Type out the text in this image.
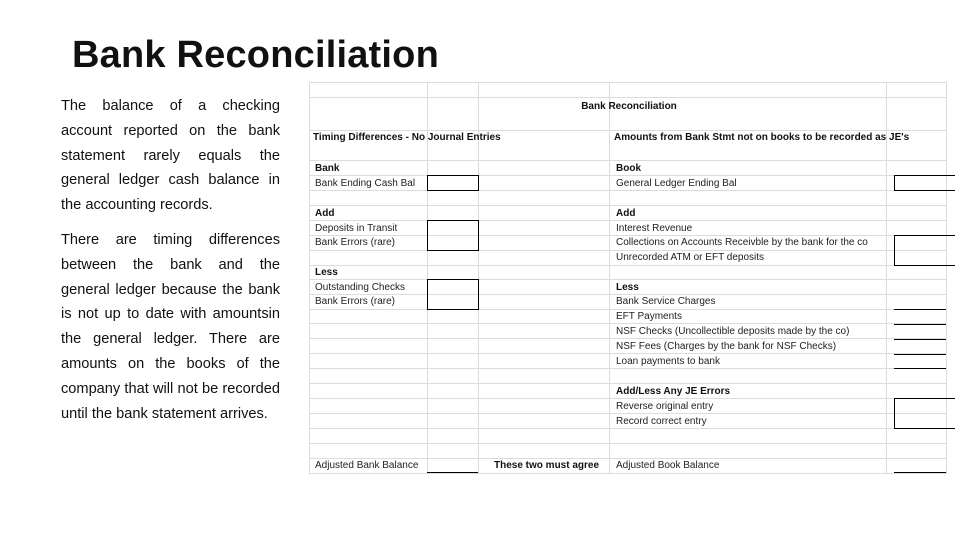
Bank Reconciliation

The balance of a checking account reported on the bank statement rarely equals the general ledger cash balance in the accounting records.

There are timing differences between the bank and the general ledger because the bank is not up to date with amountsin the general ledger. There are amounts on the books of the company that will not be recorded until the bank statement arrives.

Bank Reconciliation
Timing Differences - No Journal Entries	Amounts from Bank Stmt not on books to be recorded as JE's
Bank
Bank Ending Cash Bal
Add
Deposits in Transit
Bank Errors (rare)
Less
Outstanding Checks
Bank Errors (rare)
Adjusted Bank Balance	These two must agree
Book
General Ledger Ending Bal
Add
Interest Revenue
Collections on Accounts Receivble by the bank for the co
Unrecorded ATM or EFT deposits
Less
Bank Service Charges
EFT Payments
NSF Checks (Uncollectible deposits made by the co)
NSF Fees (Charges by the bank for NSF Checks)
Loan payments to bank
Add/Less Any JE Errors
Reverse original entry
Record correct entry
Adjusted Book Balance
